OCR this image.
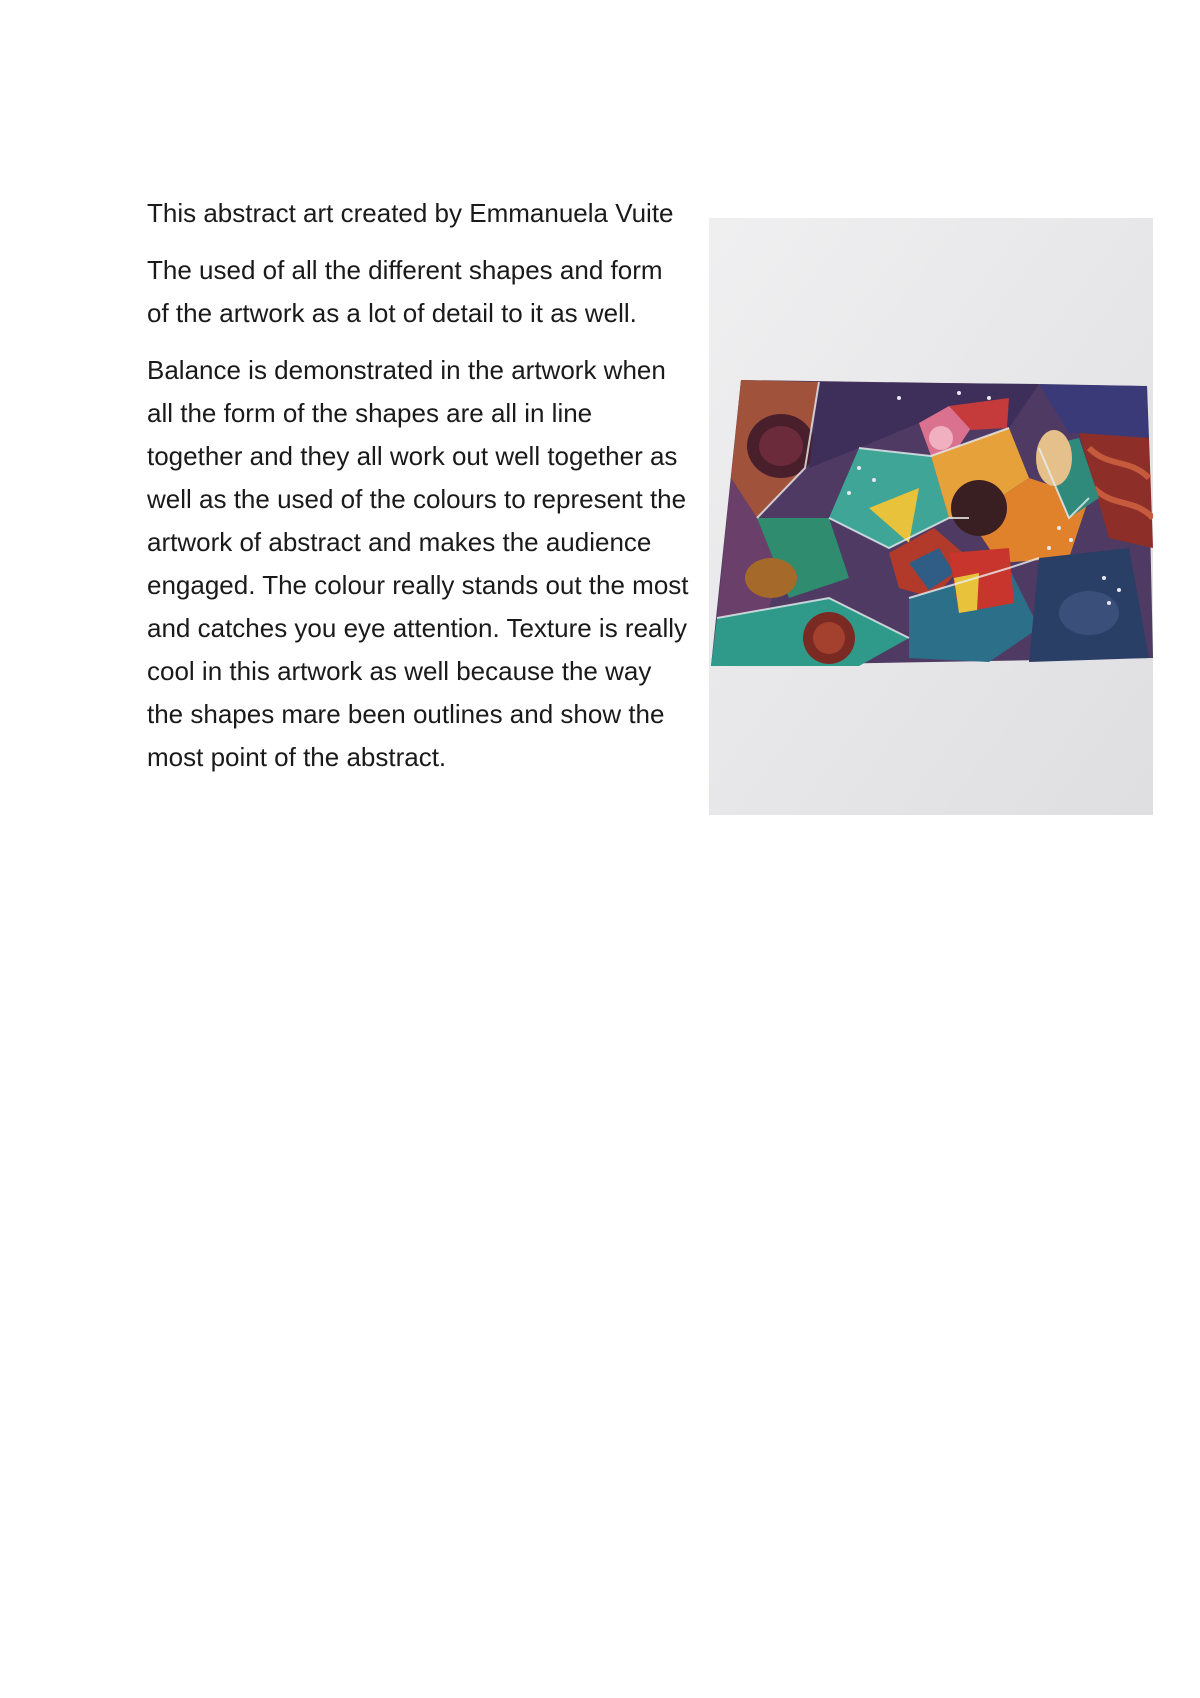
This abstract art created by Emmanuela Vuite

The used of all the different shapes and form of the artwork as a lot of detail to it as well.

Balance is demonstrated in the artwork when all the form of the shapes are all in line together and they all work out well together as well as the used of the colours to represent the artwork of abstract and makes the audience engaged. The colour really stands out the most and catches you eye attention. Texture is really cool in this artwork as well because the way the shapes mare been outlines and show the most point of the abstract.
